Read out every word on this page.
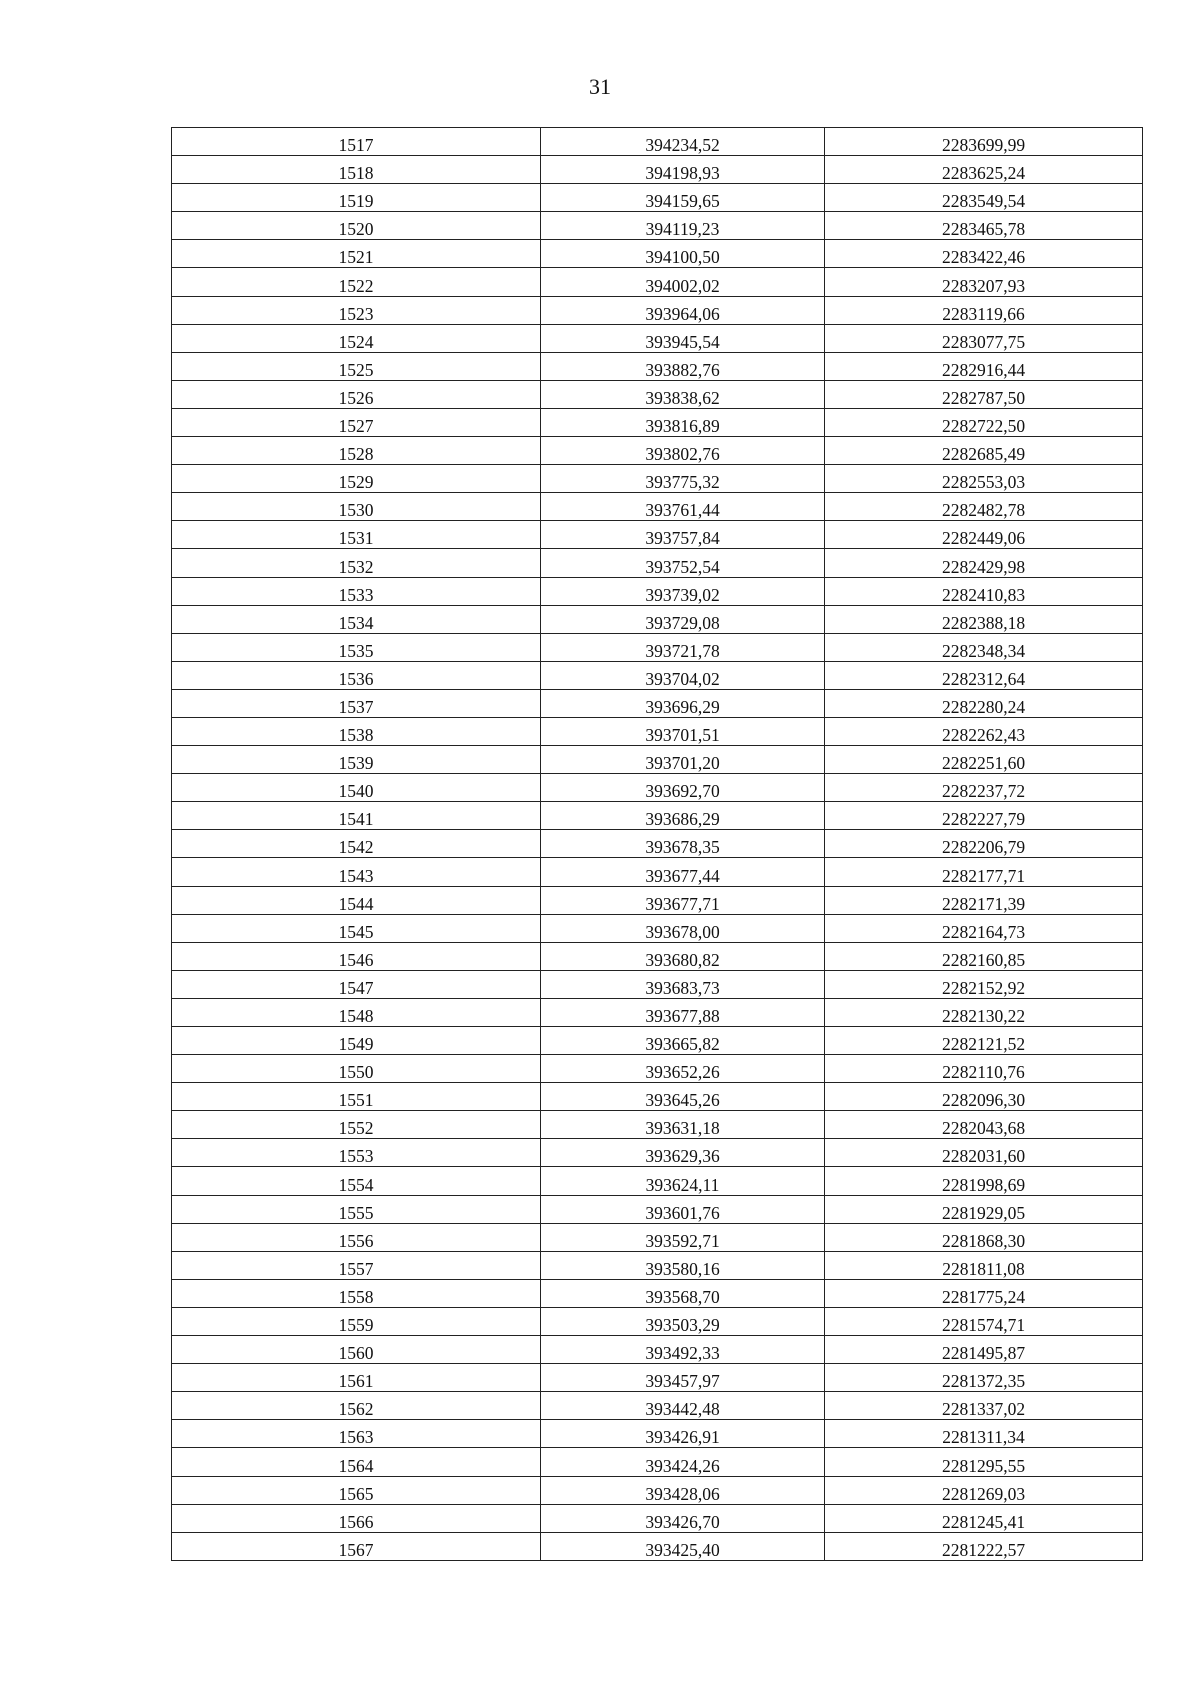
31
1517	394234,52	2283699,99
1518	394198,93	2283625,24
1519	394159,65	2283549,54
1520	394119,23	2283465,78
1521	394100,50	2283422,46
1522	394002,02	2283207,93
1523	393964,06	2283119,66
1524	393945,54	2283077,75
1525	393882,76	2282916,44
1526	393838,62	2282787,50
1527	393816,89	2282722,50
1528	393802,76	2282685,49
1529	393775,32	2282553,03
1530	393761,44	2282482,78
1531	393757,84	2282449,06
1532	393752,54	2282429,98
1533	393739,02	2282410,83
1534	393729,08	2282388,18
1535	393721,78	2282348,34
1536	393704,02	2282312,64
1537	393696,29	2282280,24
1538	393701,51	2282262,43
1539	393701,20	2282251,60
1540	393692,70	2282237,72
1541	393686,29	2282227,79
1542	393678,35	2282206,79
1543	393677,44	2282177,71
1544	393677,71	2282171,39
1545	393678,00	2282164,73
1546	393680,82	2282160,85
1547	393683,73	2282152,92
1548	393677,88	2282130,22
1549	393665,82	2282121,52
1550	393652,26	2282110,76
1551	393645,26	2282096,30
1552	393631,18	2282043,68
1553	393629,36	2282031,60
1554	393624,11	2281998,69
1555	393601,76	2281929,05
1556	393592,71	2281868,30
1557	393580,16	2281811,08
1558	393568,70	2281775,24
1559	393503,29	2281574,71
1560	393492,33	2281495,87
1561	393457,97	2281372,35
1562	393442,48	2281337,02
1563	393426,91	2281311,34
1564	393424,26	2281295,55
1565	393428,06	2281269,03
1566	393426,70	2281245,41
1567	393425,40	2281222,57
